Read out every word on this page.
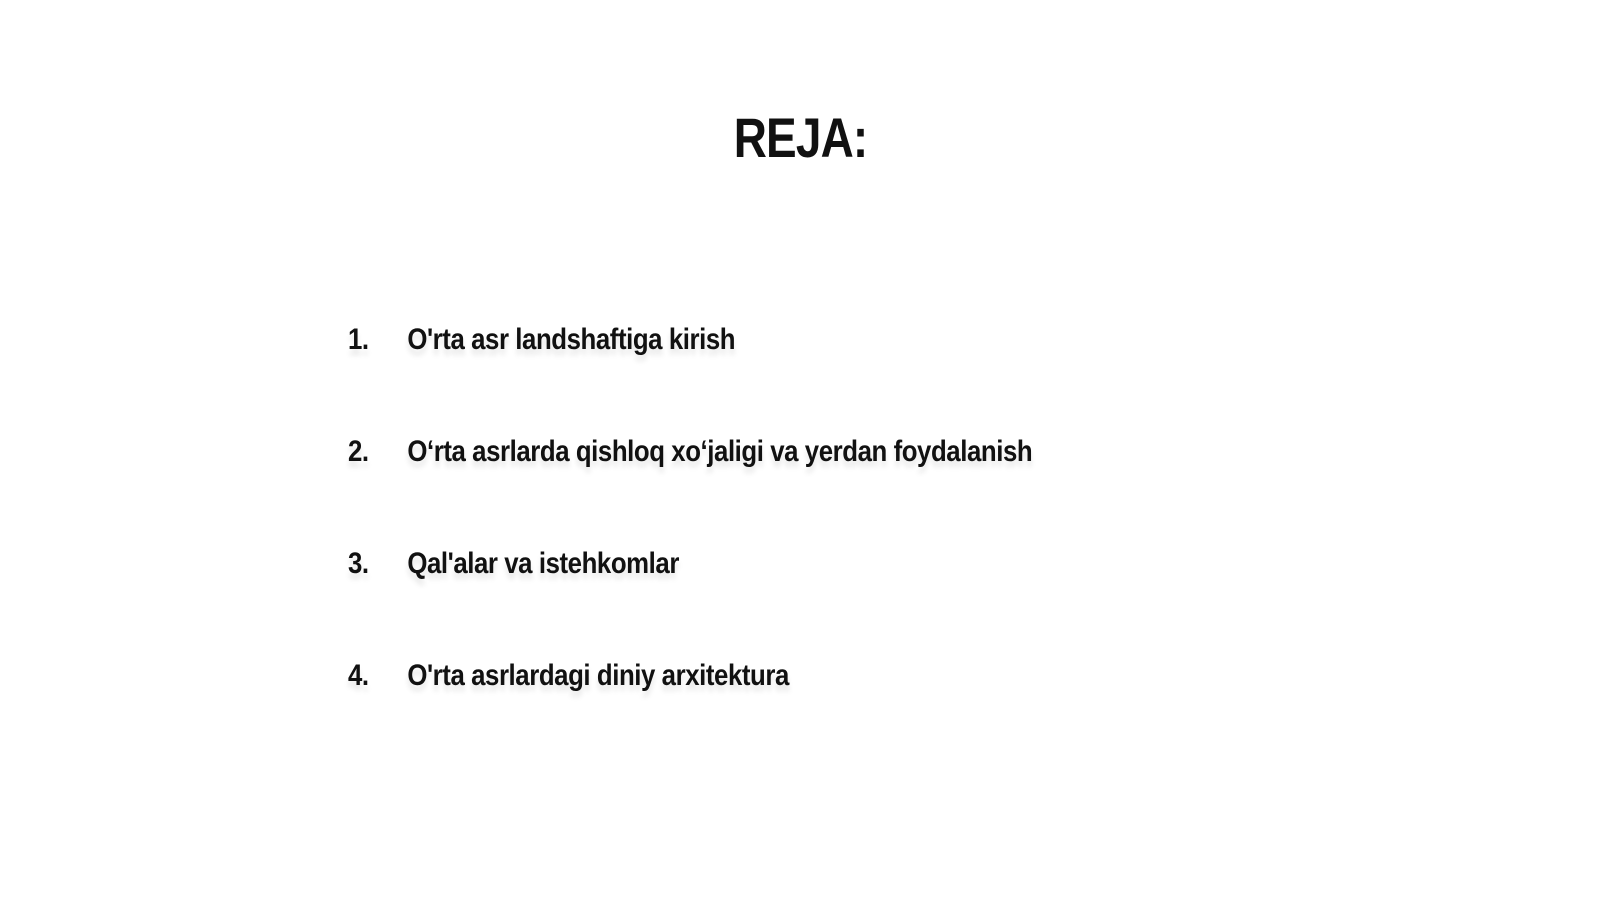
REJA:
1.	O'rta asr landshaftiga kirish
2.	Oʻrta asrlarda qishloq xoʻjaligi va yerdan foydalanish
3.	Qal'alar va istehkomlar
4.	O'rta asrlardagi diniy arxitektura
